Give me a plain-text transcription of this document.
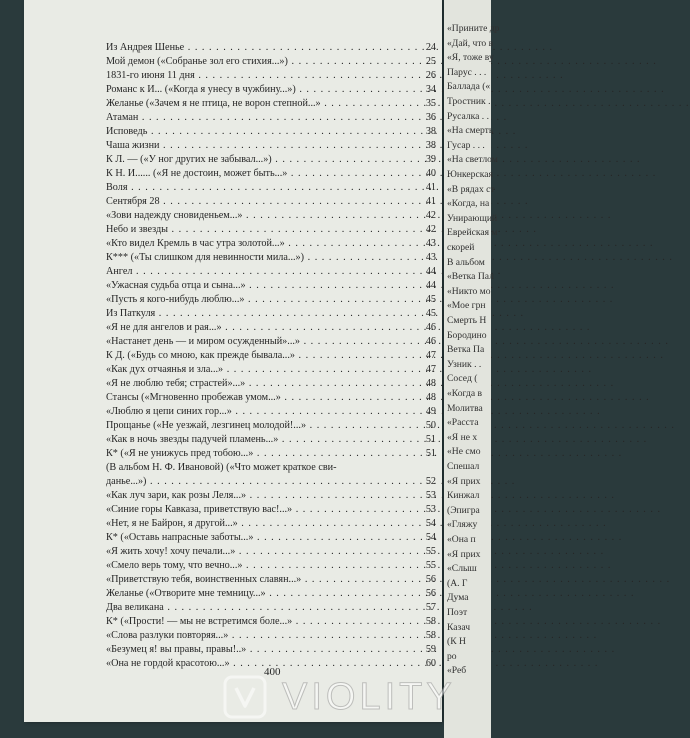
Из Андрея Шенье . . .	24
Мой демон («Собранье зол его стихия...») . . .	25
1831-го июня 11 дня . . .	26
Романс к И... («Когда я унесу в чужбину...») . . .	34
Желанье («Зачем я не птица, не ворон степной...» . . .	35
Атаман . . .	36
Исповедь . . .	38
Чаша жизни . . .	38
К Л. — («У ног других не забывал...») . . .	39
К Н. И...... («Я не достоин, может быть...» . . .	40
Воля . . .	41
Сентября 28 . . .	41
«Зови надежду сновиденьем...» . . .	42
Небо и звезды . . .	42
«Кто видел Кремль в час утра золотой...» . . .	43
К*** («Ты слишком для невинности мила...») . . .	43
Ангел . . .	44
«Ужасная судьба отца и сына...» . . .	44
«Пусть я кого-нибудь люблю...» . . .	45
Из Паткуля . . .	45
«Я не для ангелов и рая...» . . .	46
«Настанет день — и миром осужденный»...» . . .	46
К Д. («Будь со мною, как прежде бывала...» . . .	47
«Как дух отчаянья и зла...» . . .	47
«Я не люблю тебя; страстей»...» . . .	48
Стансы («Мгновенно пробежав умом...» . . .	48
«Люблю я цепи синих гор...» . . .	49
Прощанье («Не уезжай, лезгинец молодой!...» . . .	50
«Как в ночь звезды падучей пламень...» . . .	51
К* («Я не унижусь пред тобою...» . . .	51
(В альбом Н. Ф. Ивановой) («Что может краткое сви-
данье...») . . .	52
«Как луч зари, как розы Леля...» . . .	53
«Синие горы Кавказа, приветствую вас!...» . . .	53
«Нет, я не Байрон, я другой...» . . .	54
К* («Оставь напрасные заботы...» . . .	54
«Я жить хочу! хочу печали...» . . .	55
«Смело верь тому, что вечно...» . . .	55
«Приветствую тебя, воинственных славян...» . . .	56
Желанье («Отворите мне темницу...» . . .	56
Два великана . . .	57
К* («Прости! — мы не встретимся боле...» . . .	58
«Слова разлуки повторяя...» . . .	58
«Безумец я! вы правы, правы!..» . . .	59
«Она не гордой красотою...» . . .	60
400
«Прините др
«Дай, что в
«Я, тоже ву
Парус . . .
Баллада («
Тростник .
Русалка . .
«На смерть
Гусар . . .
«На светлом
Юнкерская
«В рядах ст
«Когда, на
Унирающий
Еврейская м
скорей
В альбом
«Ветка Пал
«Никто мо
«Мое грн
Смерть Н
Бородино
Ветка Па
Узник . .
Сосед (
«Когда в
Молитва
«Расста
«Я не х
«Не смо
Спешал
«Я прих
Кинжал
(Эпигра
«Гляжу
«Она п
«Я прих
«Слыш
(А. Г
Дума
Поэт
Казач
(К Н
ро
«Реб
VIOLITY
